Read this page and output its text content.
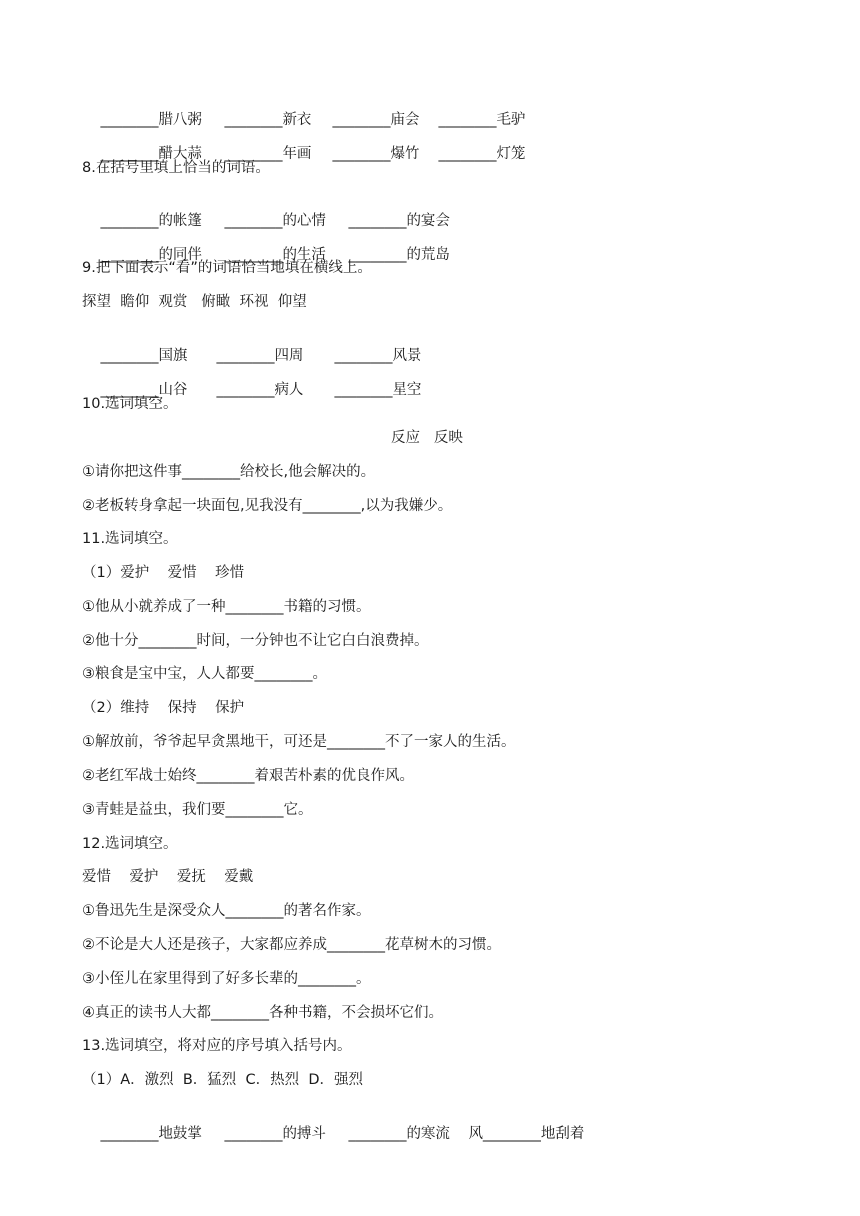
________腊八粥 ________新衣 ________庙会 ________毛驴

________醋大蒜 ________年画 ________爆竹 ________灯笼

8.在括号里填上恰当的词语。

________的帐篷 ________的心情 ________的宴会

________的同伴 ________的生活 ________的荒岛

9.把下面表示“看”的词语恰当地填在横线上。
探望  瞻仰  观赏   俯瞰  环视  仰望

________国旗 ________四周 ________风景

________山谷 ________病人 ________星空

10.选词填空。
反应   反映
①请你把这件事________给校长,他会解决的。
②老板转身拿起一块面包,见我没有________,以为我嫌少。
11.选词填空。
（1）爱护    爱惜    珍惜
①他从小就养成了一种________书籍的习惯。
②他十分________时间，一分钟也不让它白白浪费掉。
③粮食是宝中宝，人人都要________。
（2）维持    保持    保护
①解放前，爷爷起早贪黑地干，可还是________不了一家人的生活。
②老红军战士始终________着艰苦朴素的优良作风。
③青蛙是益虫，我们要________它。
12.选词填空。
爱惜    爱护    爱抚    爱戴
①鲁迅先生是深受众人________的著名作家。
②不论是大人还是孩子，大家都应养成________花草树木的习惯。
③小侄儿在家里得到了好多长辈的________。
④真正的读书人大都________各种书籍，不会损坏它们。
13.选词填空，将对应的序号填入括号内。
（1）A．激烈  B．猛烈  C．热烈  D．强烈

________地鼓掌 ________的搏斗 ________的寒流 风________地刮着
